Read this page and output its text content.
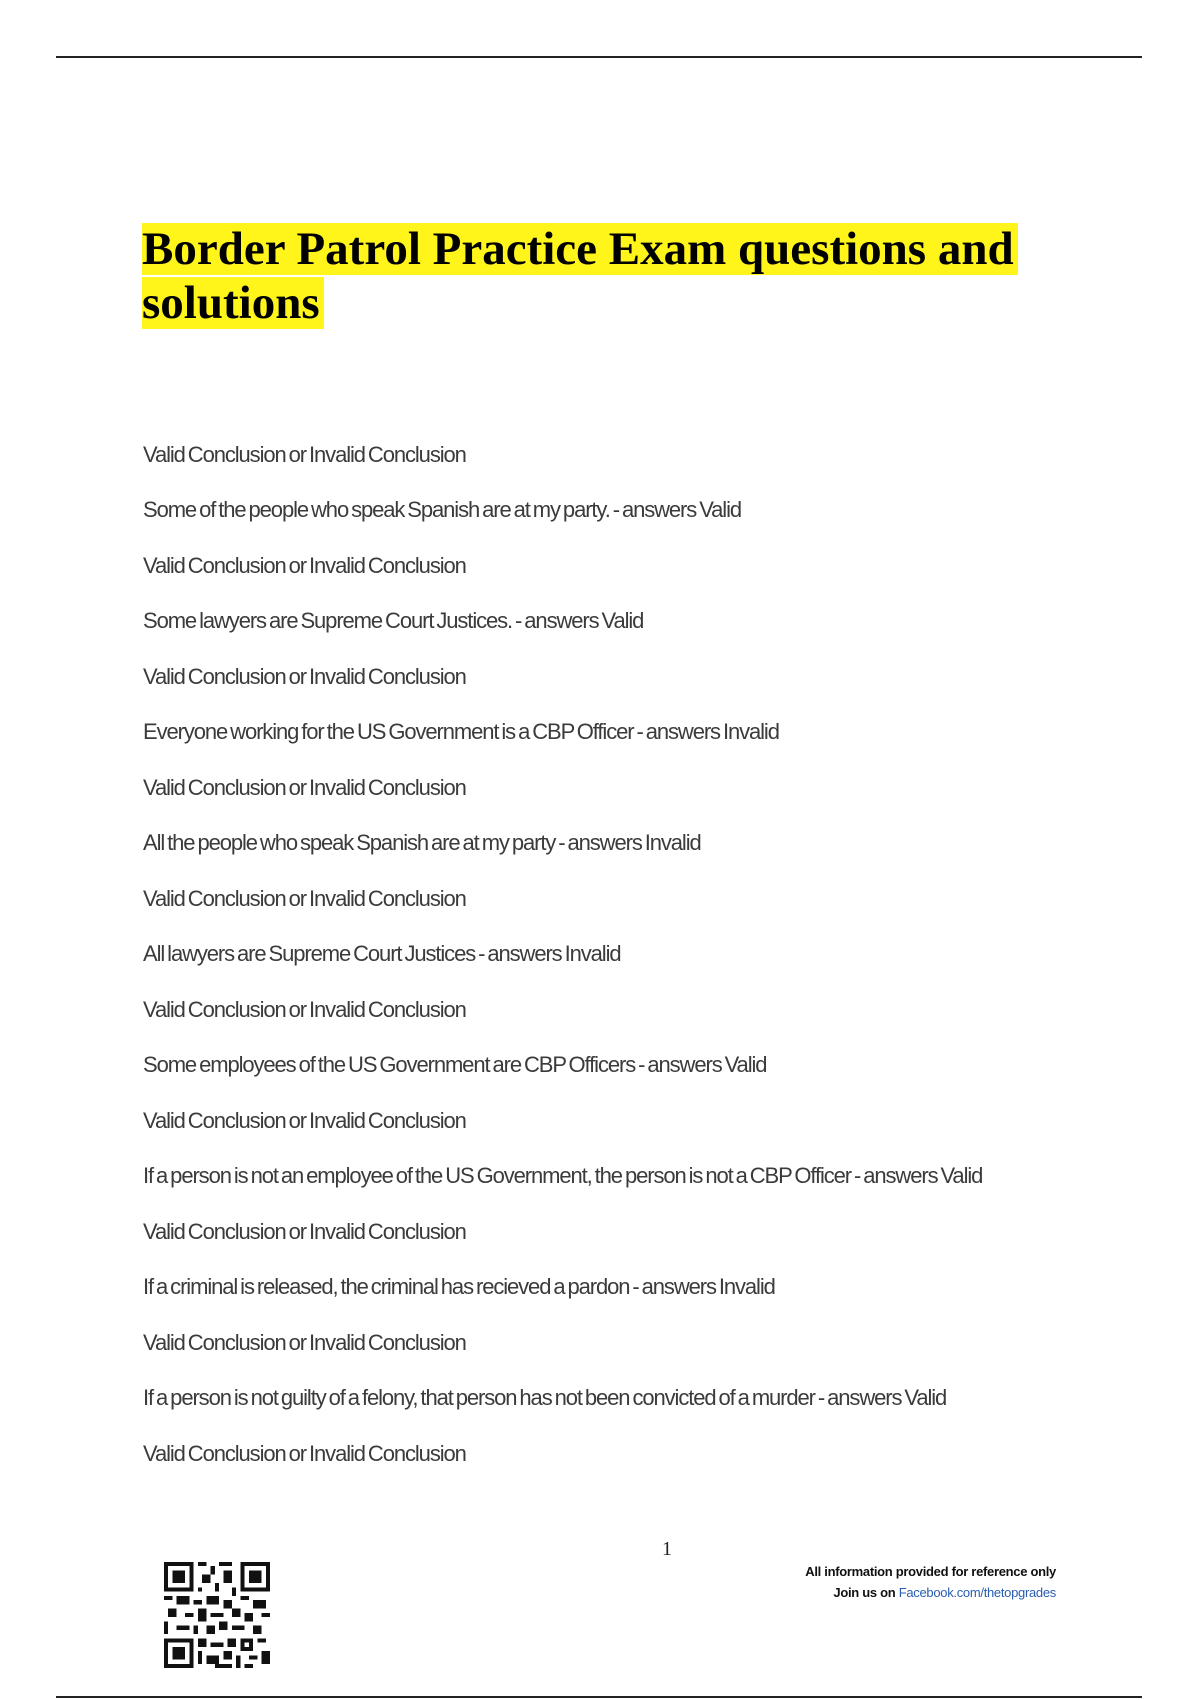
Border Patrol Practice Exam questions and solutions
Valid Conclusion or Invalid Conclusion
Some of the people who speak Spanish are at my party. - answers Valid
Valid Conclusion or Invalid Conclusion
Some lawyers are Supreme Court Justices. - answers Valid
Valid Conclusion or Invalid Conclusion
Everyone working for the US Government is a CBP Officer - answers Invalid
Valid Conclusion or Invalid Conclusion
All the people who speak Spanish are at my party - answers Invalid
Valid Conclusion or Invalid Conclusion
All lawyers are Supreme Court Justices - answers Invalid
Valid Conclusion or Invalid Conclusion
Some employees of the US Government are CBP Officers - answers Valid
Valid Conclusion or Invalid Conclusion
If a person is not an employee of the US Government, the person is not a CBP Officer - answers Valid
Valid Conclusion or Invalid Conclusion
If a criminal is released, the criminal has recieved a pardon - answers Invalid
Valid Conclusion or Invalid Conclusion
If a person is not guilty of a felony, that person has not been convicted of a murder - answers Valid
Valid Conclusion or Invalid Conclusion
1
All information provided for reference only
Join us on Facebook.com/thetopgrades
